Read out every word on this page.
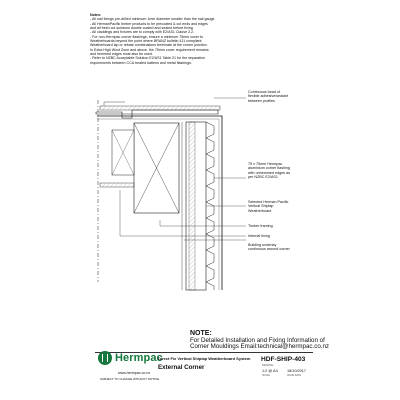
Notes:
- All nail fixings pre-drilled minimum 1mm diameter smaller than the nail gauge.
- All HermanPacific timber products to be precoated & cut ends and edges
and all fresh cut surfaces double coated and sealed before fixing.
- All claddings and fixtures are to comply with E2/AS1 Clause 2.2.
- For non-Hermpac corner flashings, ensure a minimum 75mm cover to
Weatherboards beyond the point where BRANZ bulletin 411 compliant
Weatherboard lap or rebate combinations terminate at the corner junction.
In Extra High Wind Zone and above, the 75mm cover requirement remains
and hemmed edges must also be used.
- Refer to NZBC Acceptable Solution E2/AS1 Table 21 for the separation
requirements between CCA treated battens and metal flashings.
Continuous bead of
flexible adhesive/sealant
between profiles
75 x 75mm Hermpac
aluminium corner flashing
with unhemmed edges as
per NZBC E2/AS1
Selected Herman Pacific
Vertical Shiplap
Weatherboard
Timber framing
Internal lining
Building underlay
continuous around corner
NOTE:
For Detailed Installation and Fixing Information of
Corner Mouldings Email:technical@hermpac.co.nz
Hermpac
www.hermpac.co.nz
SUBJECT TO CHANGE WITHOUT NOTICE
Direct Fix Vertical Shiplap Weatherboard System
External Corner
HDF-SHIP-403
DRAWING
1:2 @ A4
SCALE
18/10/2017
ISSUE DATE
